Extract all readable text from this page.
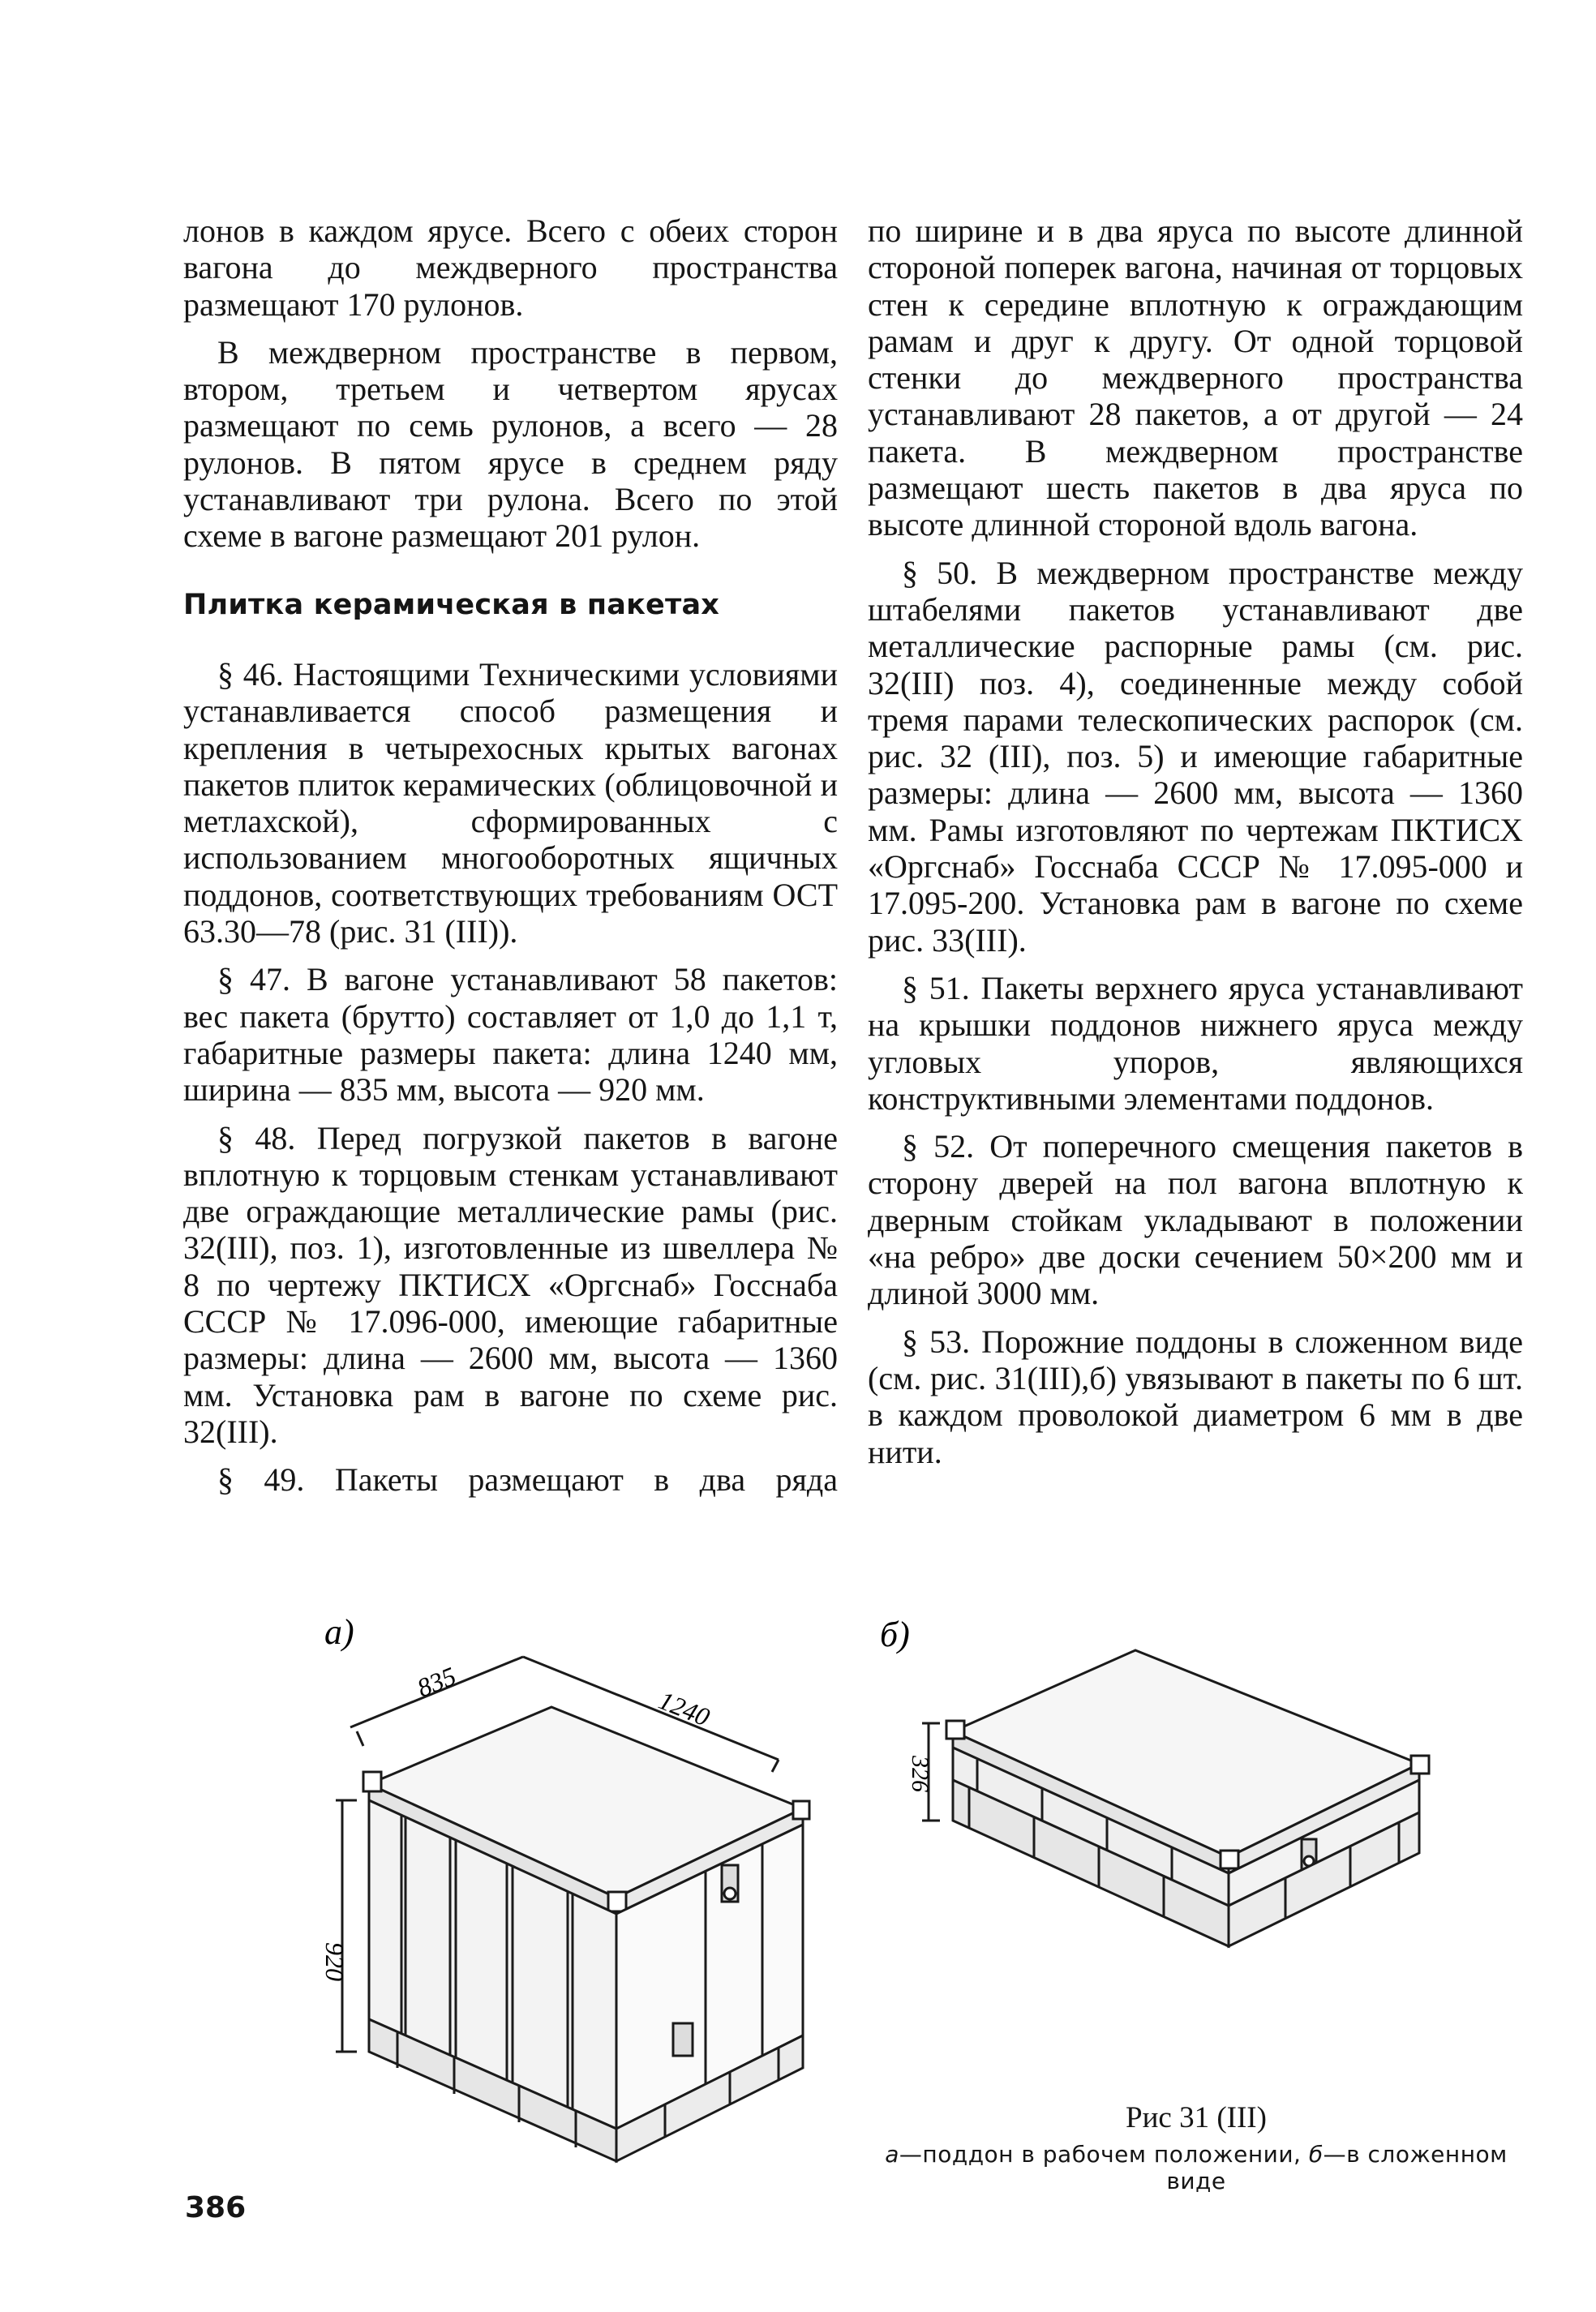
лонов в каждом ярусе. Всего с обеих сторон вагона до междверного пространства размещают 170 рулонов.

В междверном пространстве в первом, втором, третьем и четвертом ярусах размещают по семь рулонов, а всего — 28 рулонов. В пятом ярусе в среднем ряду устанавливают три рулона. Всего по этой схеме в вагоне размещают 201 рулон.

Плитка керамическая в пакетах

§ 46. Настоящими Техническими условиями устанавливается способ размещения и крепления в четырехосных крытых вагонах пакетов плиток керамических (облицовочной и метлахской), сформированных с использованием многооборотных ящичных поддонов, соответствующих требованиям ОСТ 63.30—78 (рис. 31 (III)).

§ 47. В вагоне устанавливают 58 пакетов: вес пакета (брутто) составляет от 1,0 до 1,1 т, габаритные размеры пакета: длина 1240 мм, ширина — 835 мм, высота — 920 мм.

§ 48. Перед погрузкой пакетов в вагоне вплотную к торцовым стенкам устанавливают две ограждающие металлические рамы (рис. 32(III), поз. 1), изготовленные из швеллера № 8 по чертежу ПКТИСХ «Оргснаб» Госснаба СССР № 17.096-000, имеющие габаритные размеры: длина — 2600 мм, высота — 1360 мм. Установка рам в вагоне по схеме рис. 32(III).

§ 49. Пакеты размещают в два ряда

по ширине и в два яруса по высоте длинной стороной поперек вагона, начиная от торцовых стен к середине вплотную к ограждающим рамам и друг к другу. От одной торцовой стенки до междверного пространства устанавливают 28 пакетов, а от другой — 24 пакета. В междверном пространстве размещают шесть пакетов в два яруса по высоте длинной стороной вдоль вагона.

§ 50. В междверном пространстве между штабелями пакетов устанавливают две металлические распорные рамы (см. рис. 32(III) поз. 4), соединенные между собой тремя парами телескопических распорок (см. рис. 32 (III), поз. 5) и имеющие габаритные размеры: длина — 2600 мм, высота — 1360 мм. Рамы изготовляют по чертежам ПКТИСХ «Оргснаб» Госснаба СССР № 17.095-000 и 17.095-200. Установка рам в вагоне по схеме рис. 33(III).

§ 51. Пакеты верхнего яруса устанавливают на крышки поддонов нижнего яруса между угловых упоров, являющихся конструктивными элементами поддонов.

§ 52. От поперечного смещения пакетов в сторону дверей на пол вагона вплотную к дверным стойкам укладывают в положении «на ребро» две доски сечением 50×200 мм и длиной 3000 мм.

§ 53. Порожние поддоны в сложенном виде (см. рис. 31(III),б) увязывают в пакеты по 6 шт. в каждом проволокой диаметром 6 мм в две нити.

а)
835
1240
920
б)
326
Рис 31 (III)
а—поддон в рабочем положении, б—в сложенном виде
386
